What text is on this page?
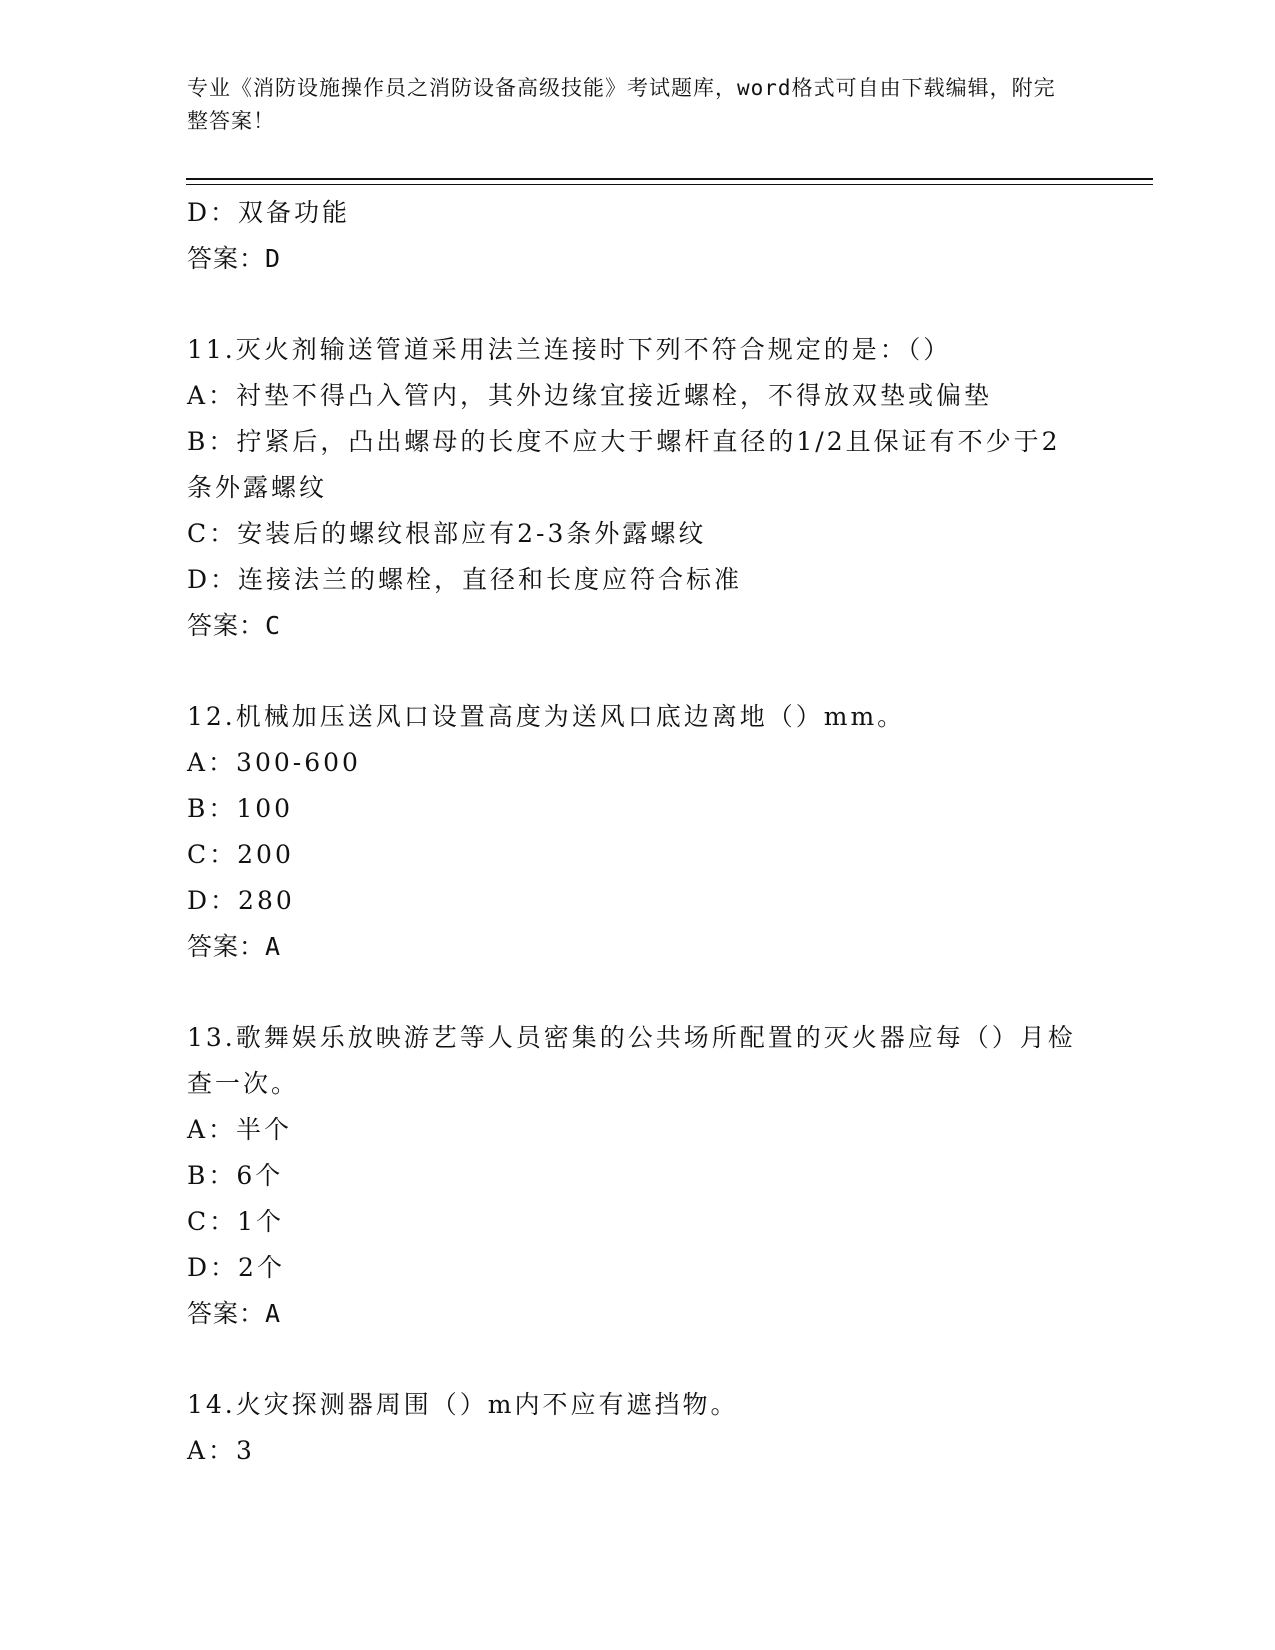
专业《消防设施操作员之消防设备高级技能》考试题库，word格式可自由下载编辑，附完整答案！
D：双备功能
答案：D
11.灭火剂输送管道采用法兰连接时下列不符合规定的是：（）
A：衬垫不得凸入管内，其外边缘宜接近螺栓，不得放双垫或偏垫
B：拧紧后，凸出螺母的长度不应大于螺杆直径的1/2且保证有不少于2条外露螺纹
C：安装后的螺纹根部应有2-3条外露螺纹
D：连接法兰的螺栓，直径和长度应符合标准
答案：C
12.机械加压送风口设置高度为送风口底边离地（）mm。
A：300-600
B：100
C：200
D：280
答案：A
13.歌舞娱乐放映游艺等人员密集的公共场所配置的灭火器应每（）月检查一次。
A：半个
B：6个
C：1个
D：2个
答案：A
14.火灾探测器周围（）m内不应有遮挡物。
A：3
